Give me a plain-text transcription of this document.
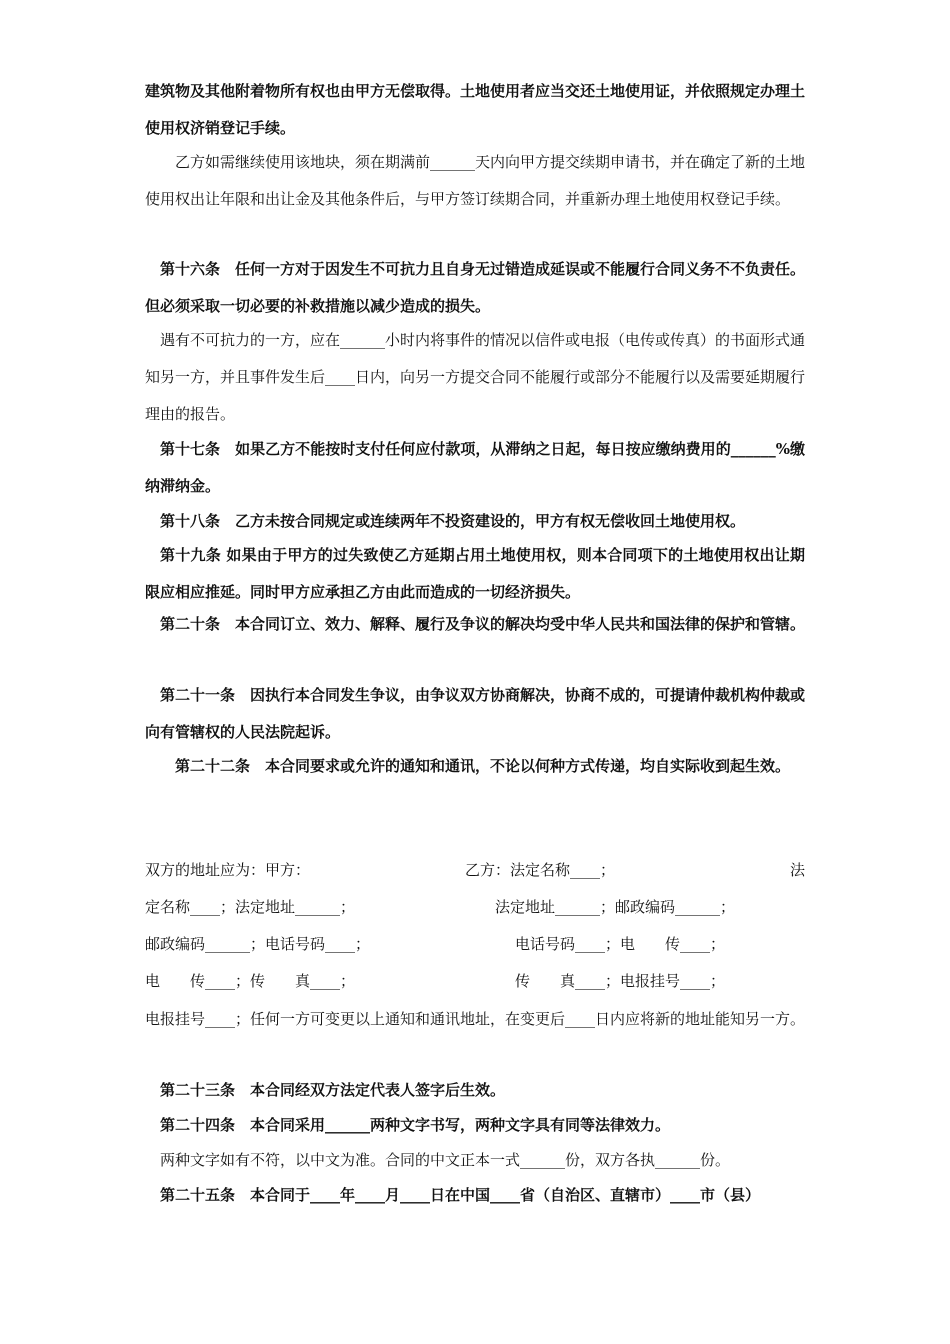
建筑物及其他附着物所有权也由甲方无偿取得。土地使用者应当交还土地使用证，并依照规定办理土使用权济销登记手续。

乙方如需继续使用该地块，须在期满前______天内向甲方提交续期申请书，并在确定了新的土地使用权出让年限和出让金及其他条件后，与甲方签订续期合同，并重新办理土地使用权登记手续。

第十六条　任何一方对于因发生不可抗力且自身无过错造成延误或不能履行合同义务不不负责任。但必须采取一切必要的补救措施以减少造成的损失。

遇有不可抗力的一方，应在______小时内将事件的情况以信件或电报（电传或传真）的书面形式通知另一方，并且事件发生后____日内，向另一方提交合同不能履行或部分不能履行以及需要延期履行理由的报告。

第十七条　如果乙方不能按时支付任何应付款项，从滞纳之日起，每日按应缴纳费用的______%缴纳滞纳金。

第十八条　乙方未按合同规定或连续两年不投资建设的，甲方有权无偿收回土地使用权。

第十九条 如果由于甲方的过失致使乙方延期占用土地使用权，则本合同项下的土地使用权出让期限应相应推延。同时甲方应承担乙方由此而造成的一切经济损失。

第二十条　本合同订立、效力、解释、履行及争议的解决均受中华人民共和国法律的保护和管辖。

第二十一条　因执行本合同发生争议，由争议双方协商解决，协商不成的，可提请仲裁机构仲裁或向有管辖权的人民法院起诉。

第二十二条　本合同要求或允许的通知和通讯，不论以何种方式传递，均自实际收到起生效。

双方的地址应为：甲方：	乙方：法定名称____；	法
定名称____；法定地址______；	法定地址______；邮政编码______；
邮政编码______；电话号码____；	电话号码____；电　　传____；
电　　传____；传　　真____；	传　　真____；电报挂号____；

电报挂号____；任何一方可变更以上通知和通讯地址，在变更后____日内应将新的地址能知另一方。

第二十三条　本合同经双方法定代表人签字后生效。

第二十四条　本合同采用______两种文字书写，两种文字具有同等法律效力。

两种文字如有不符，以中文为准。合同的中文正本一式______份，双方各执______份。

第二十五条　本合同于____年____月____日在中国____省（自治区、直辖市）____市（县）
